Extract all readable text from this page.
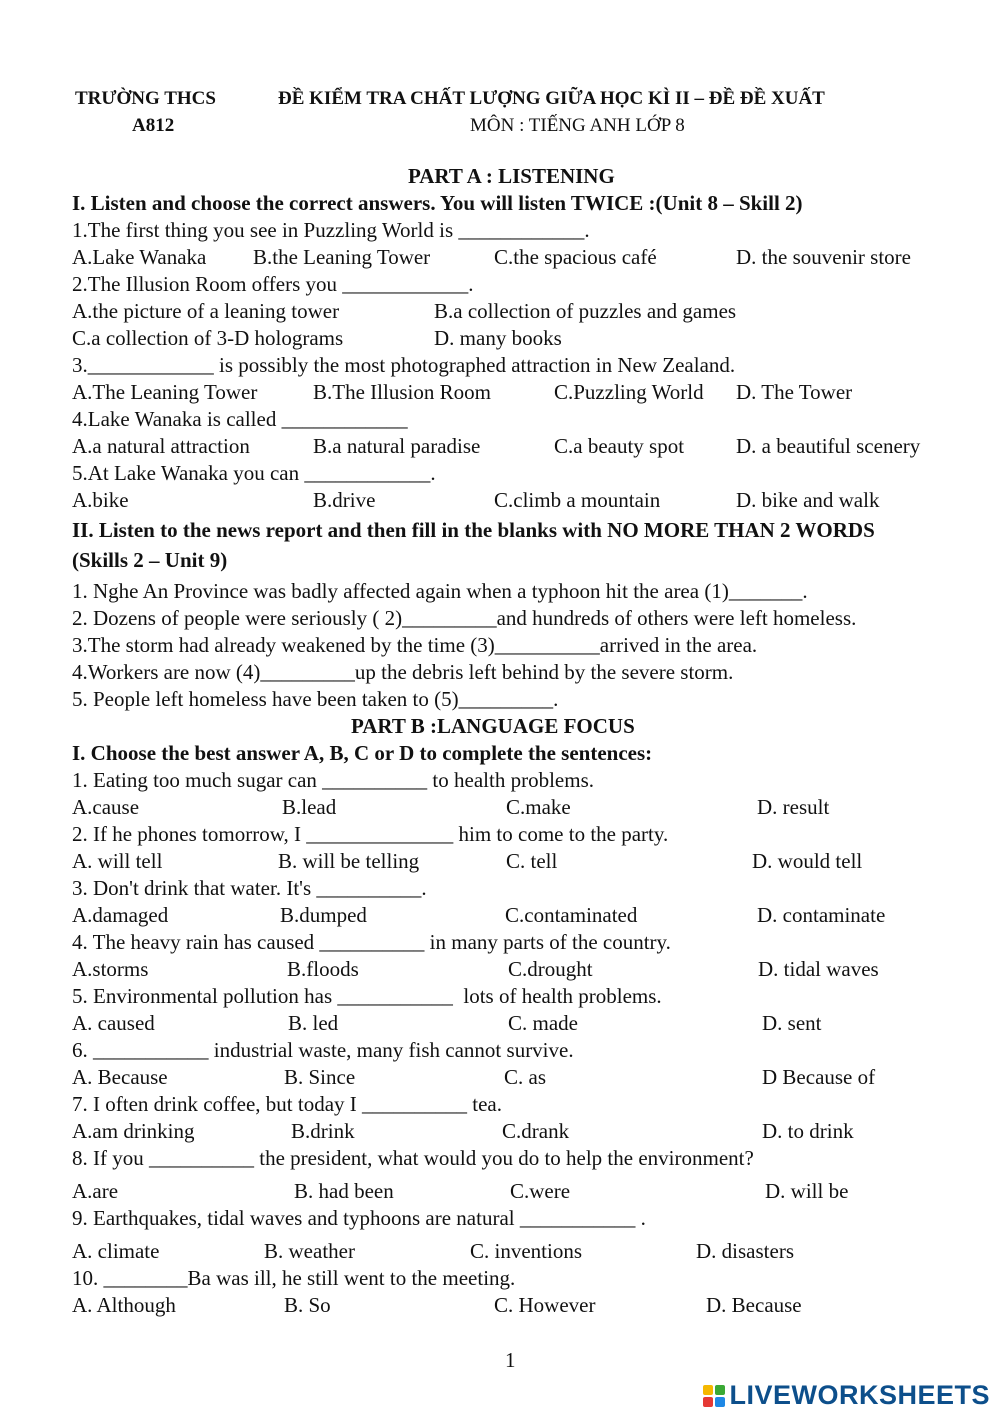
TRƯỜNG THCS
A812
ĐỀ KIỂM TRA CHẤT LƯỢNG GIỮA HỌC KÌ II – ĐỀ ĐỀ XUẤT
MÔN : TIẾNG ANH LỚP 8
PART A : LISTENING
I. Listen and choose the correct answers. You will listen TWICE :(Unit 8 – Skill 2)
1.The first thing you see in Puzzling World is ____________.
A.Lake Wanaka B.the Leaning Tower	C.the spacious café	D. the souvenir store
2.The Illusion Room offers you ____________.
A.the picture of a leaning tower	B.a collection of puzzles and games
C.a collection of 3-D holograms	D. many books
3.____________ is possibly the most photographed attraction in New Zealand.
A.The Leaning Tower	B.The Illusion Room	C.Puzzling World D. The Tower
4.Lake Wanaka is called ____________
A.a natural attraction	B.a natural paradise	C.a beauty spot D. a beautiful scenery
5.At Lake Wanaka you can ____________.
A.bike	B.drive	C.climb a mountain	D. bike and walk
II. Listen to the news report and then fill in the blanks with NO MORE THAN 2 WORDS
(Skills 2 – Unit 9)
1. Nghe An Province was badly affected again when a typhoon hit the area (1)_______.
2. Dozens of people were seriously ( 2)_________and hundreds of others were left homeless.
3.The storm had already weakened by the time (3)__________arrived in the area.
4.Workers are now (4)_________up the debris left behind by the severe storm.
5. People left homeless have been taken to (5)_________.
PART B :LANGUAGE FOCUS
I. Choose the best answer A, B, C or D to complete the sentences:
1. Eating too much sugar can __________ to health problems.
A.cause	B.lead	C.make	D. result
2. If he phones tomorrow, I ______________ him to come to the party.
A. will tell	B. will be telling	C. tell	D. would tell
3. Don't drink that water. It's __________.
A.damaged	B.dumped	C.contaminated	D. contaminate
4. The heavy rain has caused __________ in many parts of the country.
A.storms	B.floods	C.drought	D. tidal waves
5. Environmental pollution has ___________  lots of health problems.
A. caused	B. led	C. made	D. sent
6. ___________ industrial waste, many fish cannot survive.
A. Because	B. Since	C. as	D Because of
7. I often drink coffee, but today I __________ tea.
A.am drinking	B.drink	C.drank	D. to drink
8. If you __________ the president, what would you do to help the environment?
A.are	B. had been	C.were	D. will be
9. Earthquakes, tidal waves and typhoons are natural ___________ .
A. climate	B. weather	C. inventions	D. disasters
10. ________Ba was ill, he still went to the meeting.
A. Although	B. So	C. However	D. Because
1
LIVEWORKSHEETS
